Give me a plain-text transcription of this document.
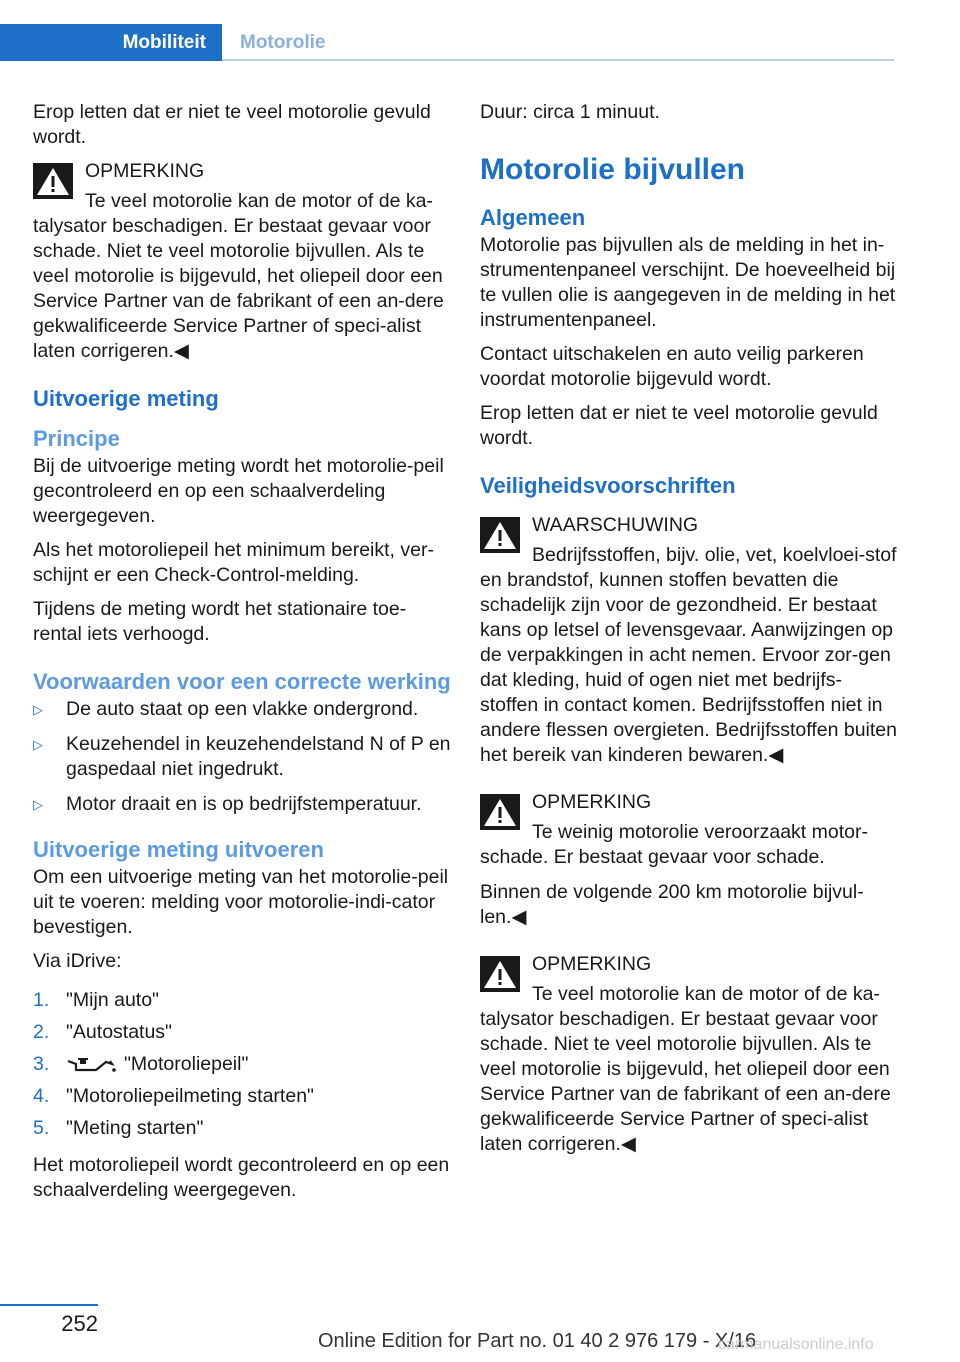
Mobiliteit	Motorolie

Erop letten dat er niet te veel motorolie gevuld wordt.

OPMERKING
Te veel motorolie kan de motor of de ka-talysator beschadigen. Er bestaat gevaar voor schade. Niet te veel motorolie bijvullen. Als te veel motorolie is bijgevuld, het oliepeil door een Service Partner van de fabrikant of een an-dere gekwalificeerde Service Partner of speci-alist laten corrigeren.◀
Uitvoerige meting
Principe

Bij de uitvoerige meting wordt het motorolie-peil gecontroleerd en op een schaalverdeling weergegeven.

Als het motoroliepeil het minimum bereikt, ver-schijnt er een Check-Control-melding.

Tijdens de meting wordt het stationaire toe-rental iets verhoogd.

Voorwaarden voor een correcte werking
▷ De auto staat op een vlakke ondergrond.
▷ Keuzehendel in keuzehendelstand N of P en gaspedaal niet ingedrukt.
▷ Motor draait en is op bedrijfstemperatuur.
Uitvoerige meting uitvoeren

Om een uitvoerige meting van het motorolie-peil uit te voeren: melding voor motorolie-indi-cator bevestigen.

Via iDrive:

1. "Mijn auto"
2. "Autostatus"
3.	"Motoroliepeil"
4. "Motoroliepeilmeting starten"
5. "Meting starten"

Het motoroliepeil wordt gecontroleerd en op een schaalverdeling weergegeven.

Duur: circa 1 minuut.

Motorolie bijvullen
Algemeen

Motorolie pas bijvullen als de melding in het in-strumentenpaneel verschijnt. De hoeveelheid bij te vullen olie is aangegeven in de melding in het instrumentenpaneel.

Contact uitschakelen en auto veilig parkeren voordat motorolie bijgevuld wordt.

Erop letten dat er niet te veel motorolie gevuld wordt.

Veiligheidsvoorschriften
WAARSCHUWING
Bedrijfsstoffen, bijv. olie, vet, koelvloei-stof en brandstof, kunnen stoffen bevatten die schadelijk zijn voor de gezondheid. Er bestaat kans op letsel of levensgevaar. Aanwijzingen op de verpakkingen in acht nemen. Ervoor zor-gen dat kleding, huid of ogen niet met bedrijfs-stoffen in contact komen. Bedrijfsstoffen niet in andere flessen overgieten. Bedrijfsstoffen buiten het bereik van kinderen bewaren.◀
OPMERKING
Te weinig motorolie veroorzaakt motor-schade. Er bestaat gevaar voor schade.

Binnen de volgende 200 km motorolie bijvul-len.◀

OPMERKING
Te veel motorolie kan de motor of de ka-talysator beschadigen. Er bestaat gevaar voor schade. Niet te veel motorolie bijvullen. Als te veel motorolie is bijgevuld, het oliepeil door een Service Partner van de fabrikant of een an-dere gekwalificeerde Service Partner of speci-alist laten corrigeren.◀
252
Online Edition for Part no. 01 40 2 976 179 - X/16
carmanualsonline.info
